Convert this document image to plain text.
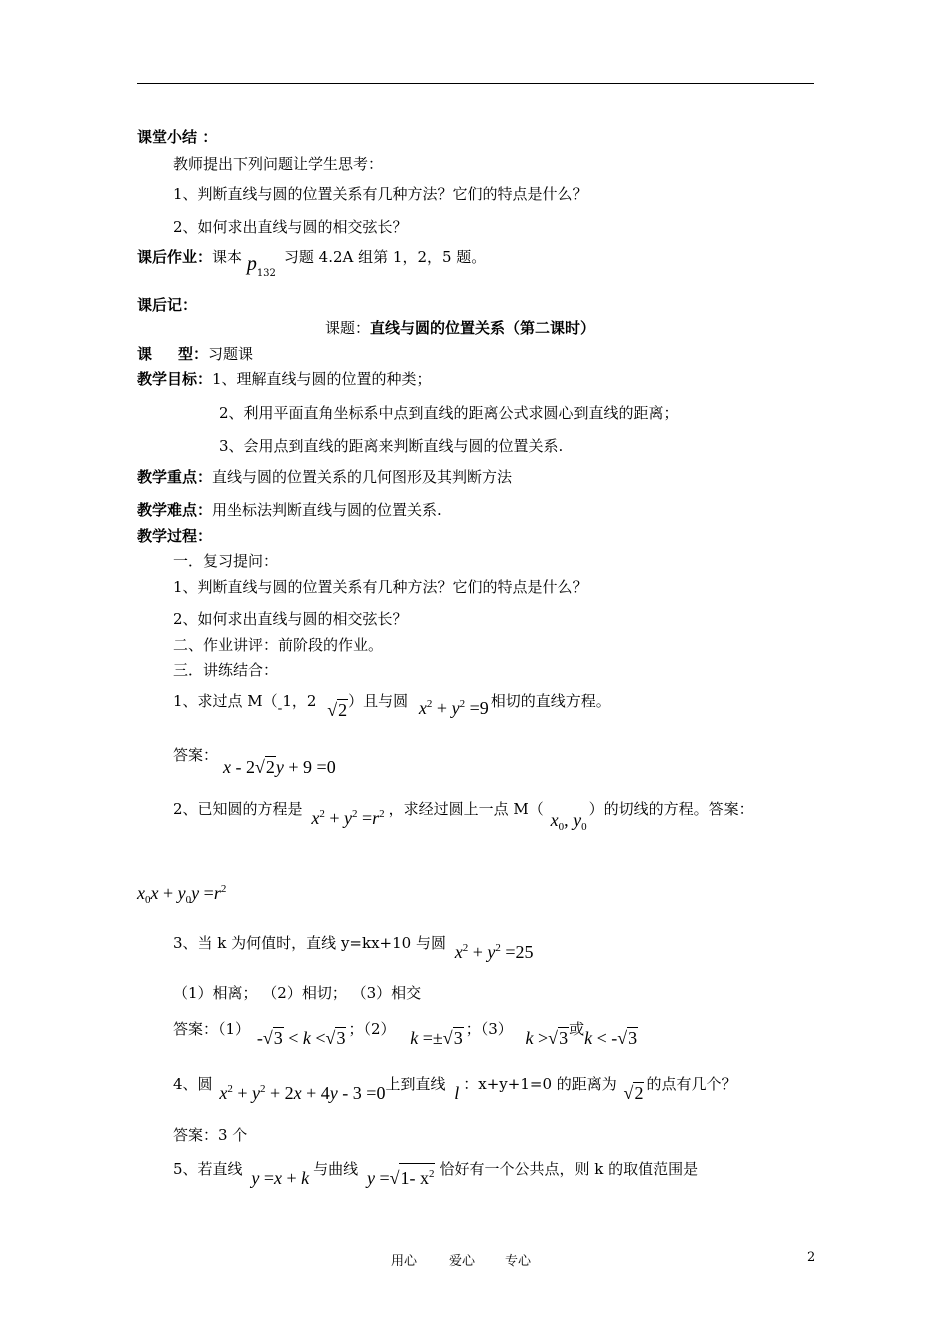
课堂小结 ：
教师提出下列问题让学生思考：
1、判断直线与圆的位置关系有几种方法？它们的特点是什么？
2、如何求出直线与圆的相交弦长？
课后作业：课本 $p_{132}$习题 4.2A 组第 1，2，5 题。
课后记：
课题：直线与圆的位置关系（第二课时）
课 型：习题课
教学目标：1、理解直线与圆的位置的种类；
2、利用平面直角坐标系中点到直线的距离公式求圆心到直线的距离；
3、会用点到直线的距离来判断直线与圆的位置关系.
教学重点：直线与圆的位置关系的几何图形及其判断方法
教学难点：用坐标法判断直线与圆的位置关系.
教学过程：
一．复习提问：
1、判断直线与圆的位置关系有几种方法？它们的特点是什么？
2、如何求出直线与圆的相交弦长？
二、作业讲评：前阶段的作业。
三．讲练结合：
1、求过点 M（-1，2 √2）且与圆 $x^2 + y^2 =9$ 相切的直线方程。
答案：
x - 2√2y + 9 =0
2、已知圆的方程是 $x^2 + y^2 =r^2$ ，求经过圆上一点 M（ $x_0$, $y_0$）的切线的方程。答案：
$x_0x + y_0y =r^2$
3、当 k 为何值时，直线 y=kx+10 与圆 $x^2 + y^2 =25$
（1）相离； （2）相切； （3）相交
答案：（1） -√3 < k <√3 ；（2） k =±√3 ；（3） k >√3或k < -√3
4、圆 $x^2 + y^2 + 2x + 4y - 3 =0$上到直线 l ：x+y+1=0 的距离为 √2 的点有几个？
答案：3 个
5、若直线 y =x + k 与曲线 y =√1- $x^2$ 恰好有一个公共点，则 k 的取值范围是
用心 爱心 专心	2
